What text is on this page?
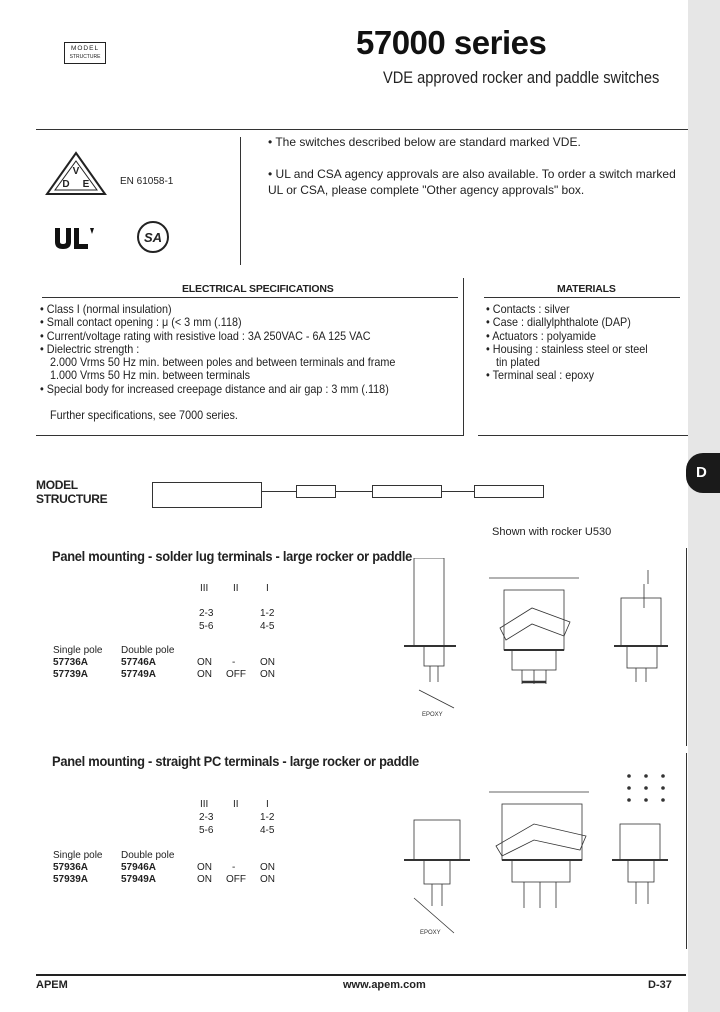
D
MODEL
STRUCTURE	57000 series
VDE approved rocker and paddle switches
V
D E	EN 61058-1
SA
• The switches described below are standard marked VDE.
• UL and CSA agency approvals are also available. To order a switch marked
UL or CSA, please complete "Other agency approvals" box.
ELECTRICAL SPECIFICATIONS
• Class I (normal insulation)
• Small contact opening : μ (< 3 mm (.118)
• Current/voltage rating with resistive load : 3A 250VAC - 6A 125 VAC
• Dielectric strength :
2.000 Vrms 50 Hz min. between poles and between terminals and frame
1.000 Vrms 50 Hz min. between terminals
• Special body for increased creepage distance and air gap : 3 mm (.118)
Further specifications, see 7000 series.
MATERIALS
• Contacts : silver
• Case : diallylphthalote (DAP)
• Actuators : polyamide
• Housing : stainless steel or steel
tin plated
• Terminal seal : epoxy
MODEL
STRUCTURE
Shown with rocker U530
Panel mounting - solder lug terminals - large rocker or paddle
III II	I
2-3	1-2
5-6	4-5
Single pole Double pole
57736A	57746A	ON - ON
57739A	57749A	ON OFF ON
EPOXY
Panel mounting - straight PC terminals - large rocker or paddle
III II	I
2-3	1-2
5-6	4-5
Single pole Double pole
57936A	57946A	ON - ON
57939A	57949A	ON OFF ON
EPOXY
APEM	www.apem.com	D-37
